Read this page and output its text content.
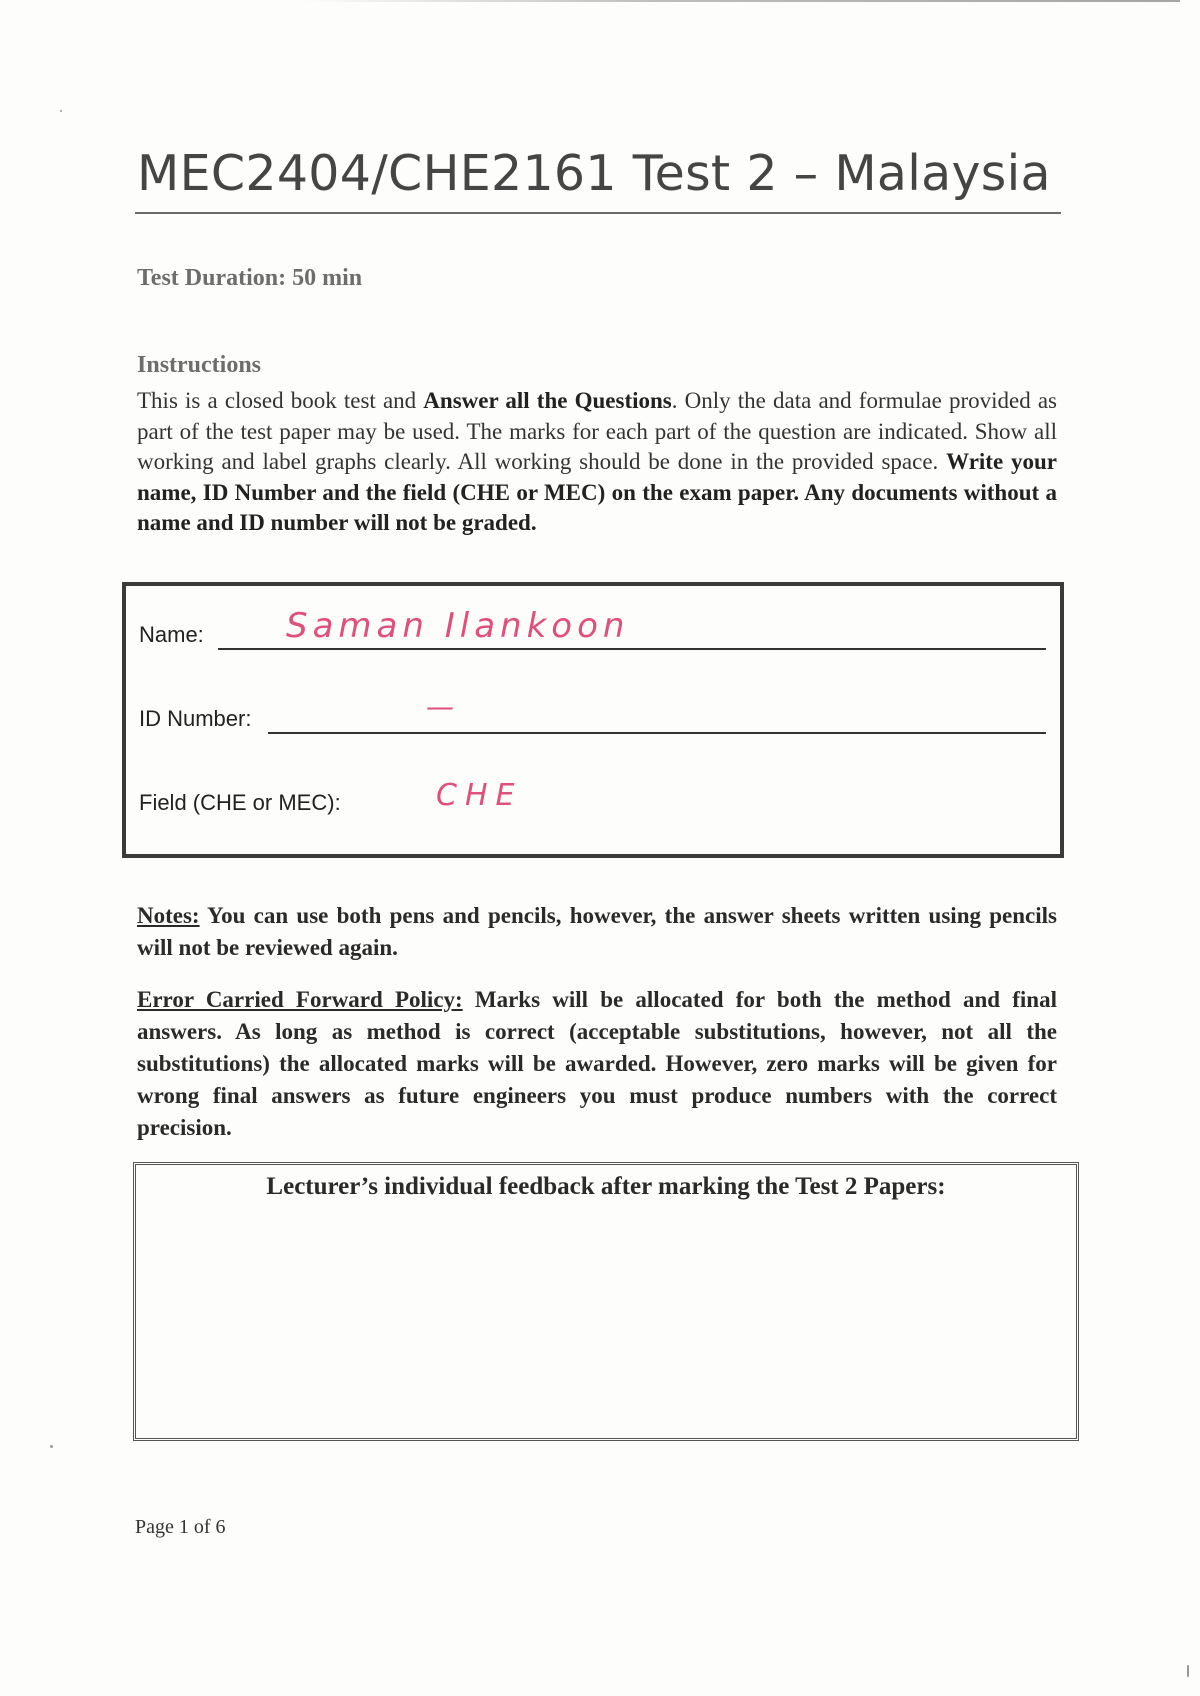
MEC2404/CHE2161 Test 2 – Malaysia
Test Duration: 50 min
Instructions
This is a closed book test and Answer all the Questions. Only the data and formulae provided as part of the test paper may be used. The marks for each part of the question are indicated. Show all working and label graphs clearly. All working should be done in the provided space. Write your name, ID Number and the field (CHE or MEC) on the exam paper. Any documents without a name and ID number will not be graded.
Name: Saman Ilankoon
ID Number:	—
Field (CHE or MEC):	CHE
Notes: You can use both pens and pencils, however, the answer sheets written using pencils will not be reviewed again.
Error Carried Forward Policy: Marks will be allocated for both the method and final answers. As long as method is correct (acceptable substitutions, however, not all the substitutions) the allocated marks will be awarded. However, zero marks will be given for wrong final answers as future engineers you must produce numbers with the correct precision.
Lecturer’s individual feedback after marking the Test 2 Papers:
Page 1 of 6
